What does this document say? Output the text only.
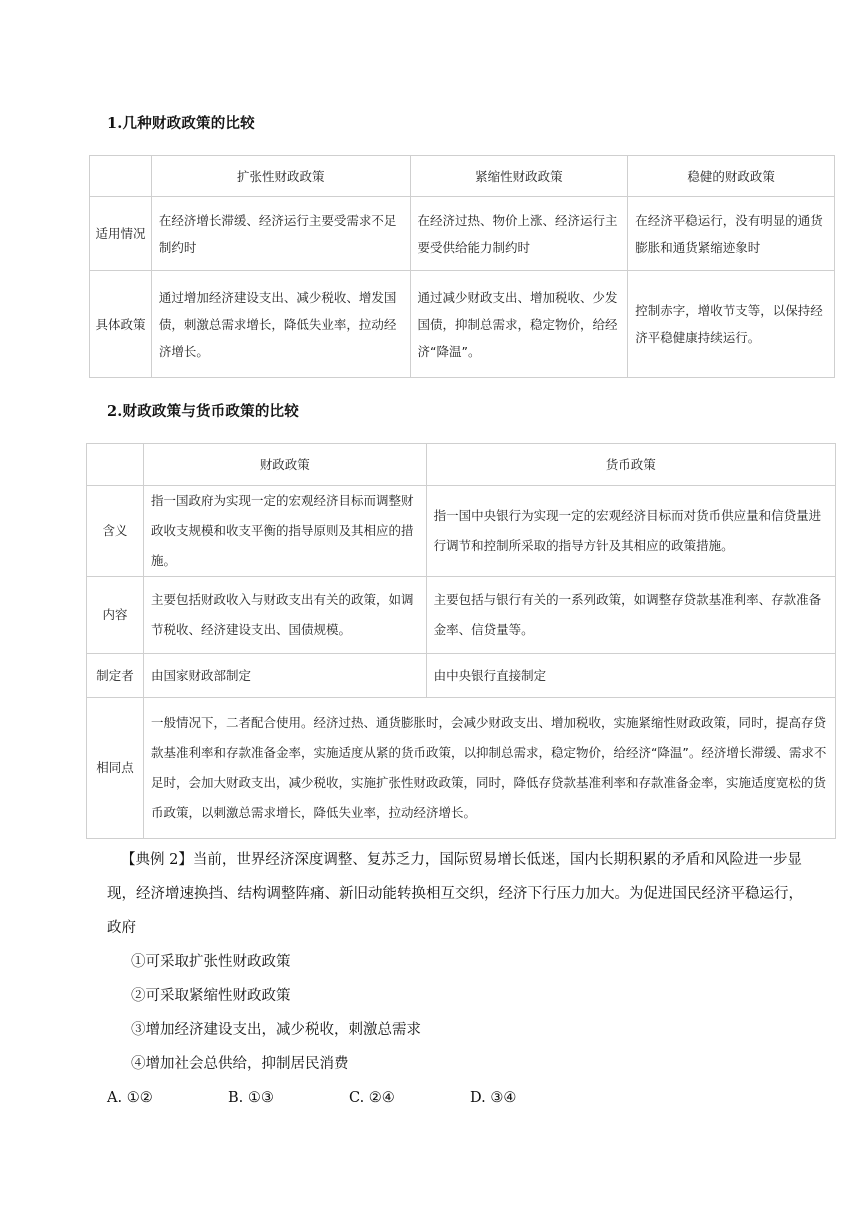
1.几种财政政策的比较
	扩张性财政政策	紧缩性财政政策	稳健的财政政策
适用情况	在经济增长滞缓、经济运行主要受需求不足制约时	在经济过热、物价上涨、经济运行主要受供给能力制约时	在经济平稳运行，没有明显的通货膨胀和通货紧缩迹象时
具体政策	通过增加经济建设支出、减少税收、增发国债，刺激总需求增长，降低失业率，拉动经济增长。	通过减少财政支出、增加税收、少发国债，抑制总需求，稳定物价，给经济“降温”。	控制赤字，增收节支等，以保持经济平稳健康持续运行。
2.财政政策与货币政策的比较
	财政政策	货币政策
含义	指一国政府为实现一定的宏观经济目标而调整财政收支规模和收支平衡的指导原则及其相应的措施。	指一国中央银行为实现一定的宏观经济目标而对货币供应量和信贷量进行调节和控制所采取的指导方针及其相应的政策措施。
内容	主要包括财政收入与财政支出有关的政策，如调节税收、经济建设支出、国债规模。	主要包括与银行有关的一系列政策，如调整存贷款基准利率、存款准备金率、信贷量等。
制定者	由国家财政部制定	由中央银行直接制定
相同点	一般情况下，二者配合使用。经济过热、通货膨胀时，会减少财政支出、增加税收，实施紧缩性财政政策，同时，提高存贷款基准利率和存款准备金率，实施适度从紧的货币政策，以抑制总需求，稳定物价，给经济“降温”。经济增长滞缓、需求不足时，会加大财政支出，减少税收，实施扩张性财政政策，同时，降低存贷款基准利率和存款准备金率，实施适度宽松的货币政策，以刺激总需求增长，降低失业率，拉动经济增长。	

【典例 2】当前，世界经济深度调整、复苏乏力，国际贸易增长低迷，国内长期积累的矛盾和风险进一步显现，经济增速换挡、结构调整阵痛、新旧动能转换相互交织，经济下行压力加大。为促进国民经济平稳运行，政府

①可采取扩张性财政政策

②可采取紧缩性财政政策

③增加经济建设支出，减少税收，刺激总需求

④增加社会总供给，抑制居民消费

A. ①②	B. ①③	C. ②④	D. ③④
